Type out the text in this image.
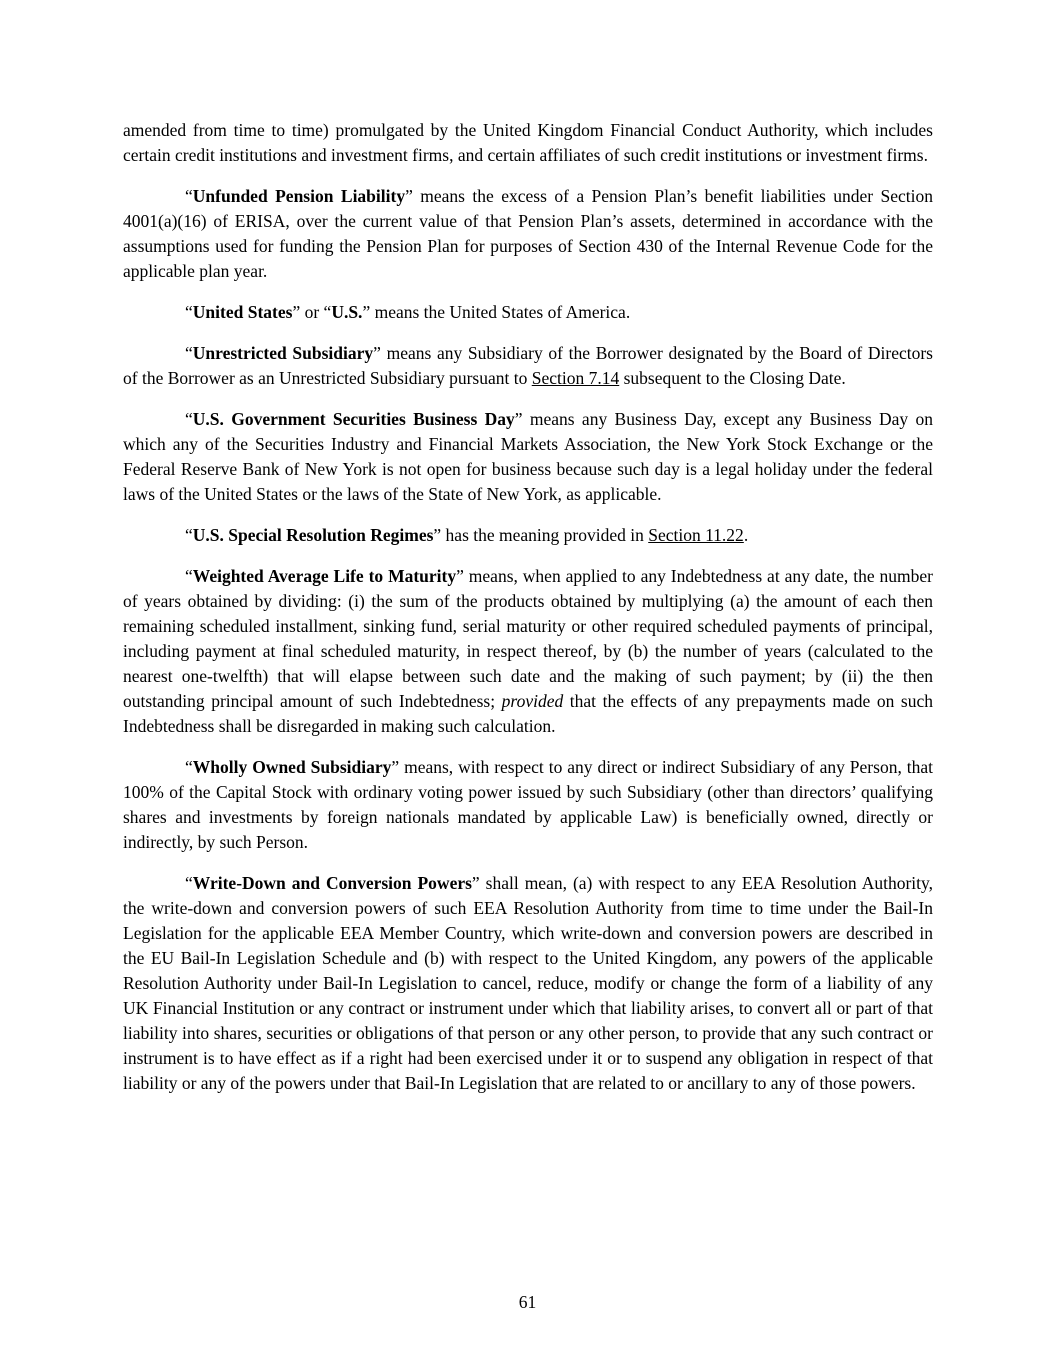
amended from time to time) promulgated by the United Kingdom Financial Conduct Authority, which includes certain credit institutions and investment firms, and certain affiliates of such credit institutions or investment firms.

“Unfunded Pension Liability” means the excess of a Pension Plan’s benefit liabilities under Section 4001(a)(16) of ERISA, over the current value of that Pension Plan’s assets, determined in accordance with the assumptions used for funding the Pension Plan for purposes of Section 430 of the Internal Revenue Code for the applicable plan year.

“United States” or “U.S.” means the United States of America.

“Unrestricted Subsidiary” means any Subsidiary of the Borrower designated by the Board of Directors of the Borrower as an Unrestricted Subsidiary pursuant to Section 7.14 subsequent to the Closing Date.

“U.S. Government Securities Business Day” means any Business Day, except any Business Day on which any of the Securities Industry and Financial Markets Association, the New York Stock Exchange or the Federal Reserve Bank of New York is not open for business because such day is a legal holiday under the federal laws of the United States or the laws of the State of New York, as applicable.

“U.S. Special Resolution Regimes” has the meaning provided in Section 11.22.

“Weighted Average Life to Maturity” means, when applied to any Indebtedness at any date, the number of years obtained by dividing: (i) the sum of the products obtained by multiplying (a) the amount of each then remaining scheduled installment, sinking fund, serial maturity or other required scheduled payments of principal, including payment at final scheduled maturity, in respect thereof, by (b) the number of years (calculated to the nearest one-twelfth) that will elapse between such date and the making of such payment; by (ii) the then outstanding principal amount of such Indebtedness; provided that the effects of any prepayments made on such Indebtedness shall be disregarded in making such calculation.

“Wholly Owned Subsidiary” means, with respect to any direct or indirect Subsidiary of any Person, that 100% of the Capital Stock with ordinary voting power issued by such Subsidiary (other than directors’ qualifying shares and investments by foreign nationals mandated by applicable Law) is beneficially owned, directly or indirectly, by such Person.

“Write-Down and Conversion Powers” shall mean, (a) with respect to any EEA Resolution Authority, the write-down and conversion powers of such EEA Resolution Authority from time to time under the Bail-In Legislation for the applicable EEA Member Country, which write-down and conversion powers are described in the EU Bail-In Legislation Schedule and (b) with respect to the United Kingdom, any powers of the applicable Resolution Authority under Bail-In Legislation to cancel, reduce, modify or change the form of a liability of any UK Financial Institution or any contract or instrument under which that liability arises, to convert all or part of that liability into shares, securities or obligations of that person or any other person, to provide that any such contract or instrument is to have effect as if a right had been exercised under it or to suspend any obligation in respect of that liability or any of the powers under that Bail-In Legislation that are related to or ancillary to any of those powers.

61
